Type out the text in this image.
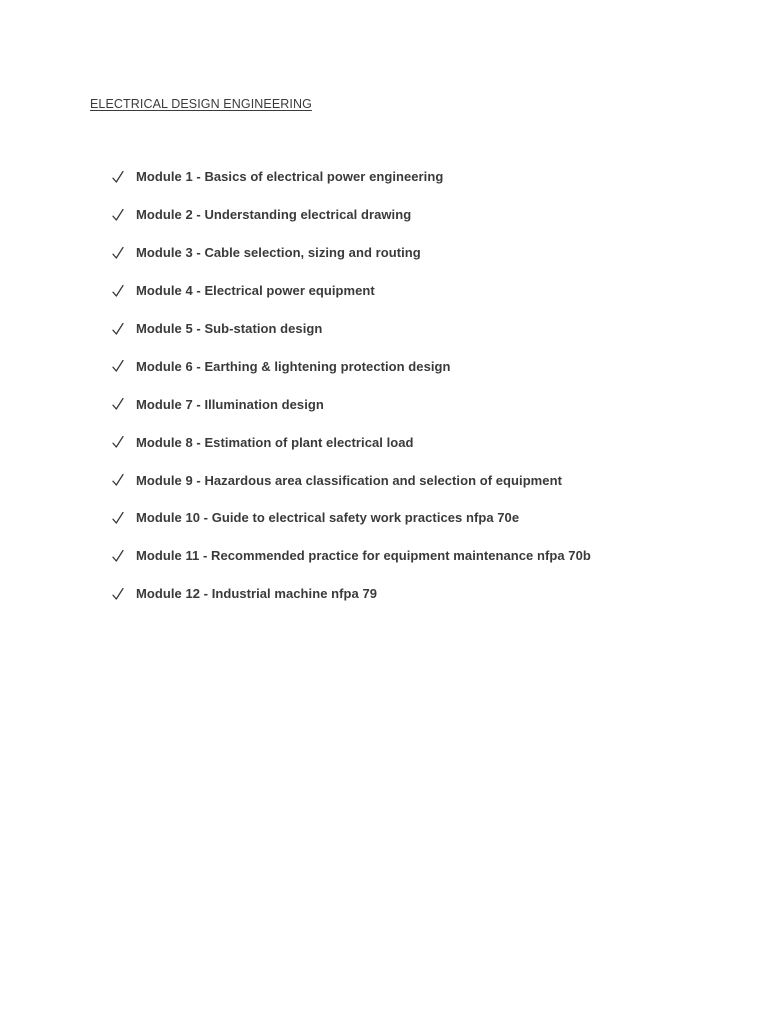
ELECTRICAL DESIGN ENGINEERING
Module 1 - Basics of electrical power engineering
Module 2 - Understanding electrical drawing
Module 3 - Cable selection, sizing and routing
Module 4 - Electrical power equipment
Module 5 - Sub-station design
Module 6 - Earthing & lightening protection design
Module 7 - Illumination design
Module 8 - Estimation of plant electrical load
Module 9 - Hazardous area classification and selection of equipment
Module 10 - Guide to electrical safety work practices nfpa 70e
Module 11 - Recommended practice for equipment maintenance nfpa 70b
Module 12 - Industrial machine nfpa 79
